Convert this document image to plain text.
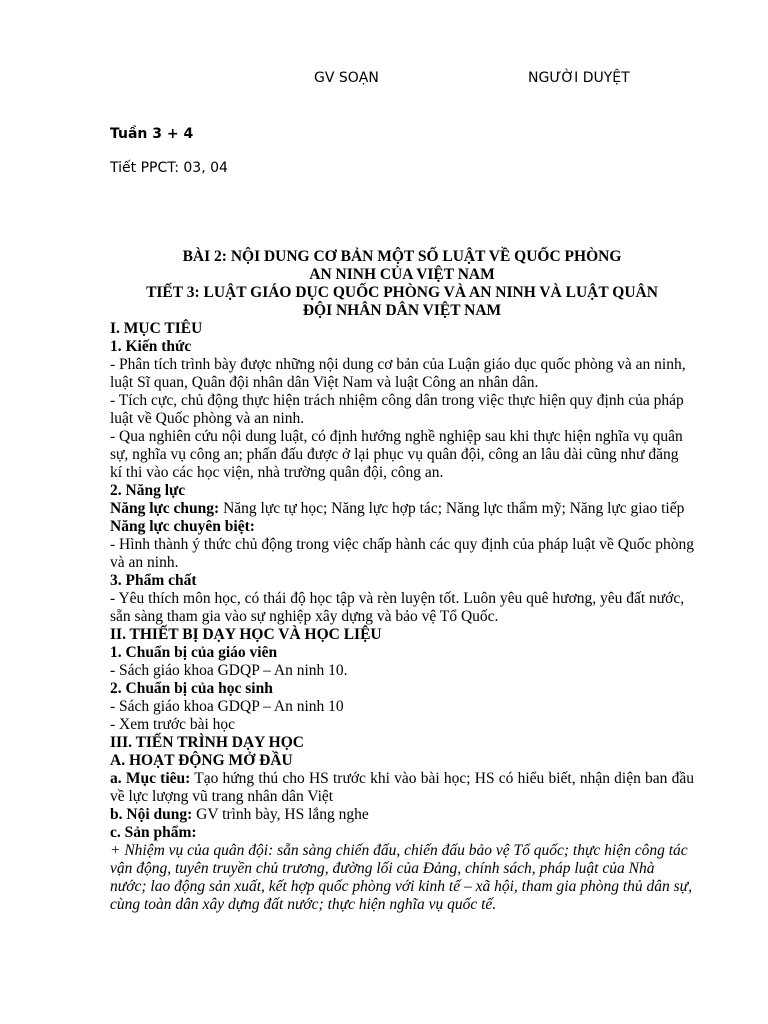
GV SOẠN	NGƯỜI DUYỆT
Tuần 3 + 4
Tiết PPCT: 03, 04

BÀI 2: NỘI DUNG CƠ BẢN MỘT SỐ LUẬT VỀ QUỐC PHÒNG

AN NINH CỦA VIỆT NAM

TIẾT 3: LUẬT GIÁO DỤC QUỐC PHÒNG VÀ AN NINH VÀ LUẬT QUÂN

ĐỘI NHÂN DÂN VIỆT NAM

I. MỤC TIÊU

1. Kiến thức

- Phân tích trình bày được những nội dung cơ bản của Luận giáo dục quốc phòng và an ninh, luật Sĩ quan, Quân đội nhân dân Việt Nam và luật Công an nhân dân.

- Tích cực, chủ động thực hiện trách nhiệm công dân trong việc thực hiện quy định của pháp luật về Quốc phòng và an ninh.

- Qua nghiên cứu nội dung luật, có định hướng nghề nghiệp sau khi thực hiện nghĩa vụ quân sự, nghĩa vụ công an; phấn đấu được ở lại phục vụ quân đội, công an lâu dài cũng như đăng kí thi vào các học viện, nhà trường quân đội, công an.

2. Năng lực

Năng lực chung: Năng lực tự học; Năng lực hợp tác; Năng lực thẩm mỹ; Năng lực giao tiếp

Năng lực chuyên biệt:

- Hình thành ý thức chủ động trong việc chấp hành các quy định của pháp luật về Quốc phòng và an ninh.

3. Phẩm chất

- Yêu thích môn học, có thái độ học tập và rèn luyện tốt. Luôn yêu quê hương, yêu đất nước, sẵn sàng tham gia vào sự nghiệp xây dựng và bảo vệ Tổ Quốc.

II. THIẾT BỊ DẠY HỌC VÀ HỌC LIỆU

1. Chuẩn bị của giáo viên

- Sách giáo khoa GDQP – An ninh 10.

2. Chuẩn bị của học sinh

- Sách giáo khoa GDQP – An ninh 10

- Xem trước bài học

III. TIẾN TRÌNH DẠY HỌC

A. HOẠT ĐỘNG MỞ ĐẦU

a. Mục tiêu: Tạo hứng thú cho HS trước khi vào bài học; HS có hiểu biết, nhận diện ban đầu về lực lượng vũ trang nhân dân Việt

b. Nội dung: GV trình bày, HS lắng nghe

c. Sản phẩm:

+ Nhiệm vụ của quân đội: sẵn sàng chiến đấu, chiến đấu bảo vệ Tổ quốc; thực hiện công tác vận động, tuyên truyền chủ trương, đường lối của Đảng, chính sách, pháp luật của Nhà nước; lao động sản xuất, kết hợp quốc phòng với kinh tế – xã hội, tham gia phòng thủ dân sự, cùng toàn dân xây dựng đất nước; thực hiện nghĩa vụ quốc tế.
